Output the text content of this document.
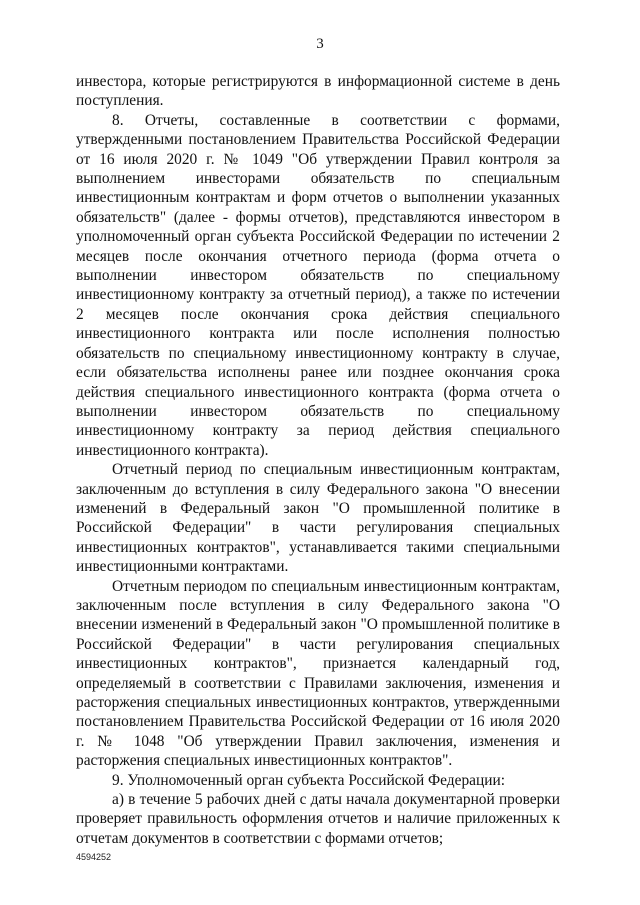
3

инвестора, которые регистрируются в информационной системе в день поступления.

8. Отчеты, составленные в соответствии с формами, утвержденными постановлением Правительства Российской Федерации от 16 июля 2020 г. № 1049 "Об утверждении Правил контроля за выполнением инвесторами обязательств по специальным инвестиционным контрактам и форм отчетов о выполнении указанных обязательств" (далее - формы отчетов), представляются инвестором в уполномоченный орган субъекта Российской Федерации по истечении 2 месяцев после окончания отчетного периода (форма отчета о выполнении инвестором обязательств по специальному инвестиционному контракту за отчетный период), а также по истечении 2 месяцев после окончания срока действия специального инвестиционного контракта или после исполнения полностью обязательств по специальному инвестиционному контракту в случае, если обязательства исполнены ранее или позднее окончания срока действия специального инвестиционного контракта (форма отчета о выполнении инвестором обязательств по специальному инвестиционному контракту за период действия специального инвестиционного контракта).

Отчетный период по специальным инвестиционным контрактам, заключенным до вступления в силу Федерального закона "О внесении изменений в Федеральный закон "О промышленной политике в Российской Федерации" в части регулирования специальных инвестиционных контрактов", устанавливается такими специальными инвестиционными контрактами.

Отчетным периодом по специальным инвестиционным контрактам, заключенным после вступления в силу Федерального закона "О внесении изменений в Федеральный закон "О промышленной политике в Российской Федерации" в части регулирования специальных инвестиционных контрактов", признается календарный год, определяемый в соответствии с Правилами заключения, изменения и расторжения специальных инвестиционных контрактов, утвержденными постановлением Правительства Российской Федерации от 16 июля 2020 г. № 1048 "Об утверждении Правил заключения, изменения и расторжения специальных инвестиционных контрактов".

9. Уполномоченный орган субъекта Российской Федерации:

а) в течение 5 рабочих дней с даты начала документарной проверки проверяет правильность оформления отчетов и наличие приложенных к отчетам документов в соответствии с формами отчетов;

4594252
